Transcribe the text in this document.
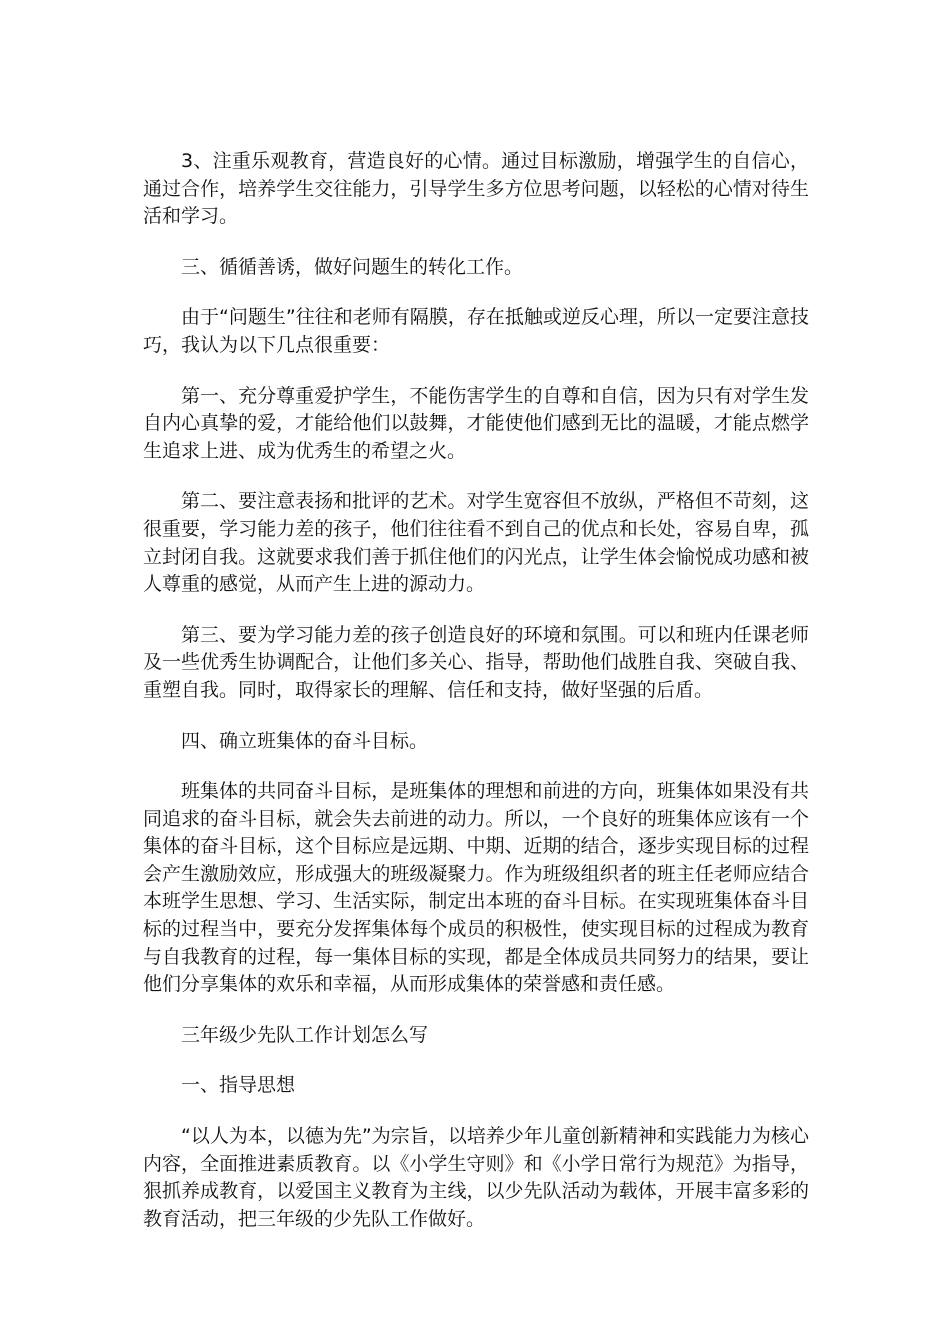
3、注重乐观教育，营造良好的心情。通过目标激励，增强学生的自信心，通过合作，培养学生交往能力，引导学生多方位思考问题，以轻松的心情对待生活和学习。

三、循循善诱，做好问题生的转化工作。

由于“问题生”往往和老师有隔膜，存在抵触或逆反心理，所以一定要注意技巧，我认为以下几点很重要：

第一、充分尊重爱护学生，不能伤害学生的自尊和自信，因为只有对学生发自内心真挚的爱，才能给他们以鼓舞，才能使他们感到无比的温暖，才能点燃学生追求上进、成为优秀生的希望之火。

第二、要注意表扬和批评的艺术。对学生宽容但不放纵，严格但不苛刻，这很重要，学习能力差的孩子，他们往往看不到自己的优点和长处，容易自卑，孤立封闭自我。这就要求我们善于抓住他们的闪光点，让学生体会愉悦成功感和被人尊重的感觉，从而产生上进的源动力。

第三、要为学习能力差的孩子创造良好的环境和氛围。可以和班内任课老师及一些优秀生协调配合，让他们多关心、指导，帮助他们战胜自我、突破自我、重塑自我。同时，取得家长的理解、信任和支持，做好坚强的后盾。

四、确立班集体的奋斗目标。

班集体的共同奋斗目标，是班集体的理想和前进的方向，班集体如果没有共同追求的奋斗目标，就会失去前进的动力。所以，一个良好的班集体应该有一个集体的奋斗目标，这个目标应是远期、中期、近期的结合，逐步实现目标的过程会产生激励效应，形成强大的班级凝聚力。作为班级组织者的班主任老师应结合本班学生思想、学习、生活实际，制定出本班的奋斗目标。在实现班集体奋斗目标的过程当中，要充分发挥集体每个成员的积极性，使实现目标的过程成为教育与自我教育的过程，每一集体目标的实现，都是全体成员共同努力的结果，要让他们分享集体的欢乐和幸福，从而形成集体的荣誉感和责任感。

三年级少先队工作计划怎么写

一、指导思想

“以人为本，以德为先”为宗旨，以培养少年儿童创新精神和实践能力为核心内容，全面推进素质教育。以《小学生守则》和《小学日常行为规范》为指导，狠抓养成教育，以爱国主义教育为主线，以少先队活动为载体，开展丰富多彩的教育活动，把三年级的少先队工作做好。
